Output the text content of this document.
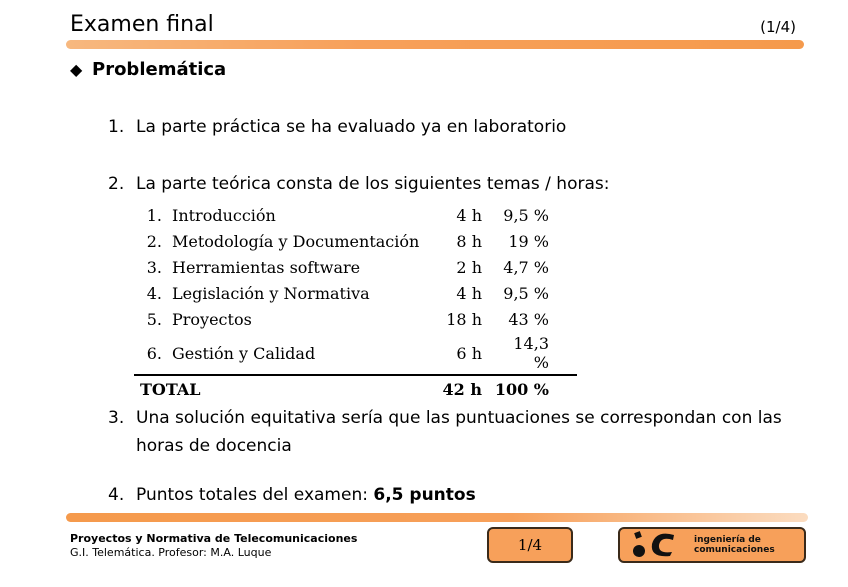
Examen final	(1/4)
◆ Problemática
1. La parte práctica se ha evaluado ya en laboratorio
2. La parte teórica consta de los siguientes temas / horas:
1.	Introducción	4 h	9,5 %
2.	Metodología y Documentación	8 h	19 %
3.	Herramientas software	2 h	4,7 %
4.	Legislación y Normativa	4 h	9,5 %
5.	Proyectos	18 h	43 %
6.	Gestión y Calidad	6 h	14,3 %
TOTAL		42 h	100 %
3. Una solución equitativa sería que las puntuaciones se correspondan con las
horas de docencia
4. Puntos totales del examen: 6,5 puntos
Proyectos y Normativa de Telecomunicaciones
G.I. Telemática. Profesor: M.A. Luque	1/4	ingeniería de
comunicaciones
